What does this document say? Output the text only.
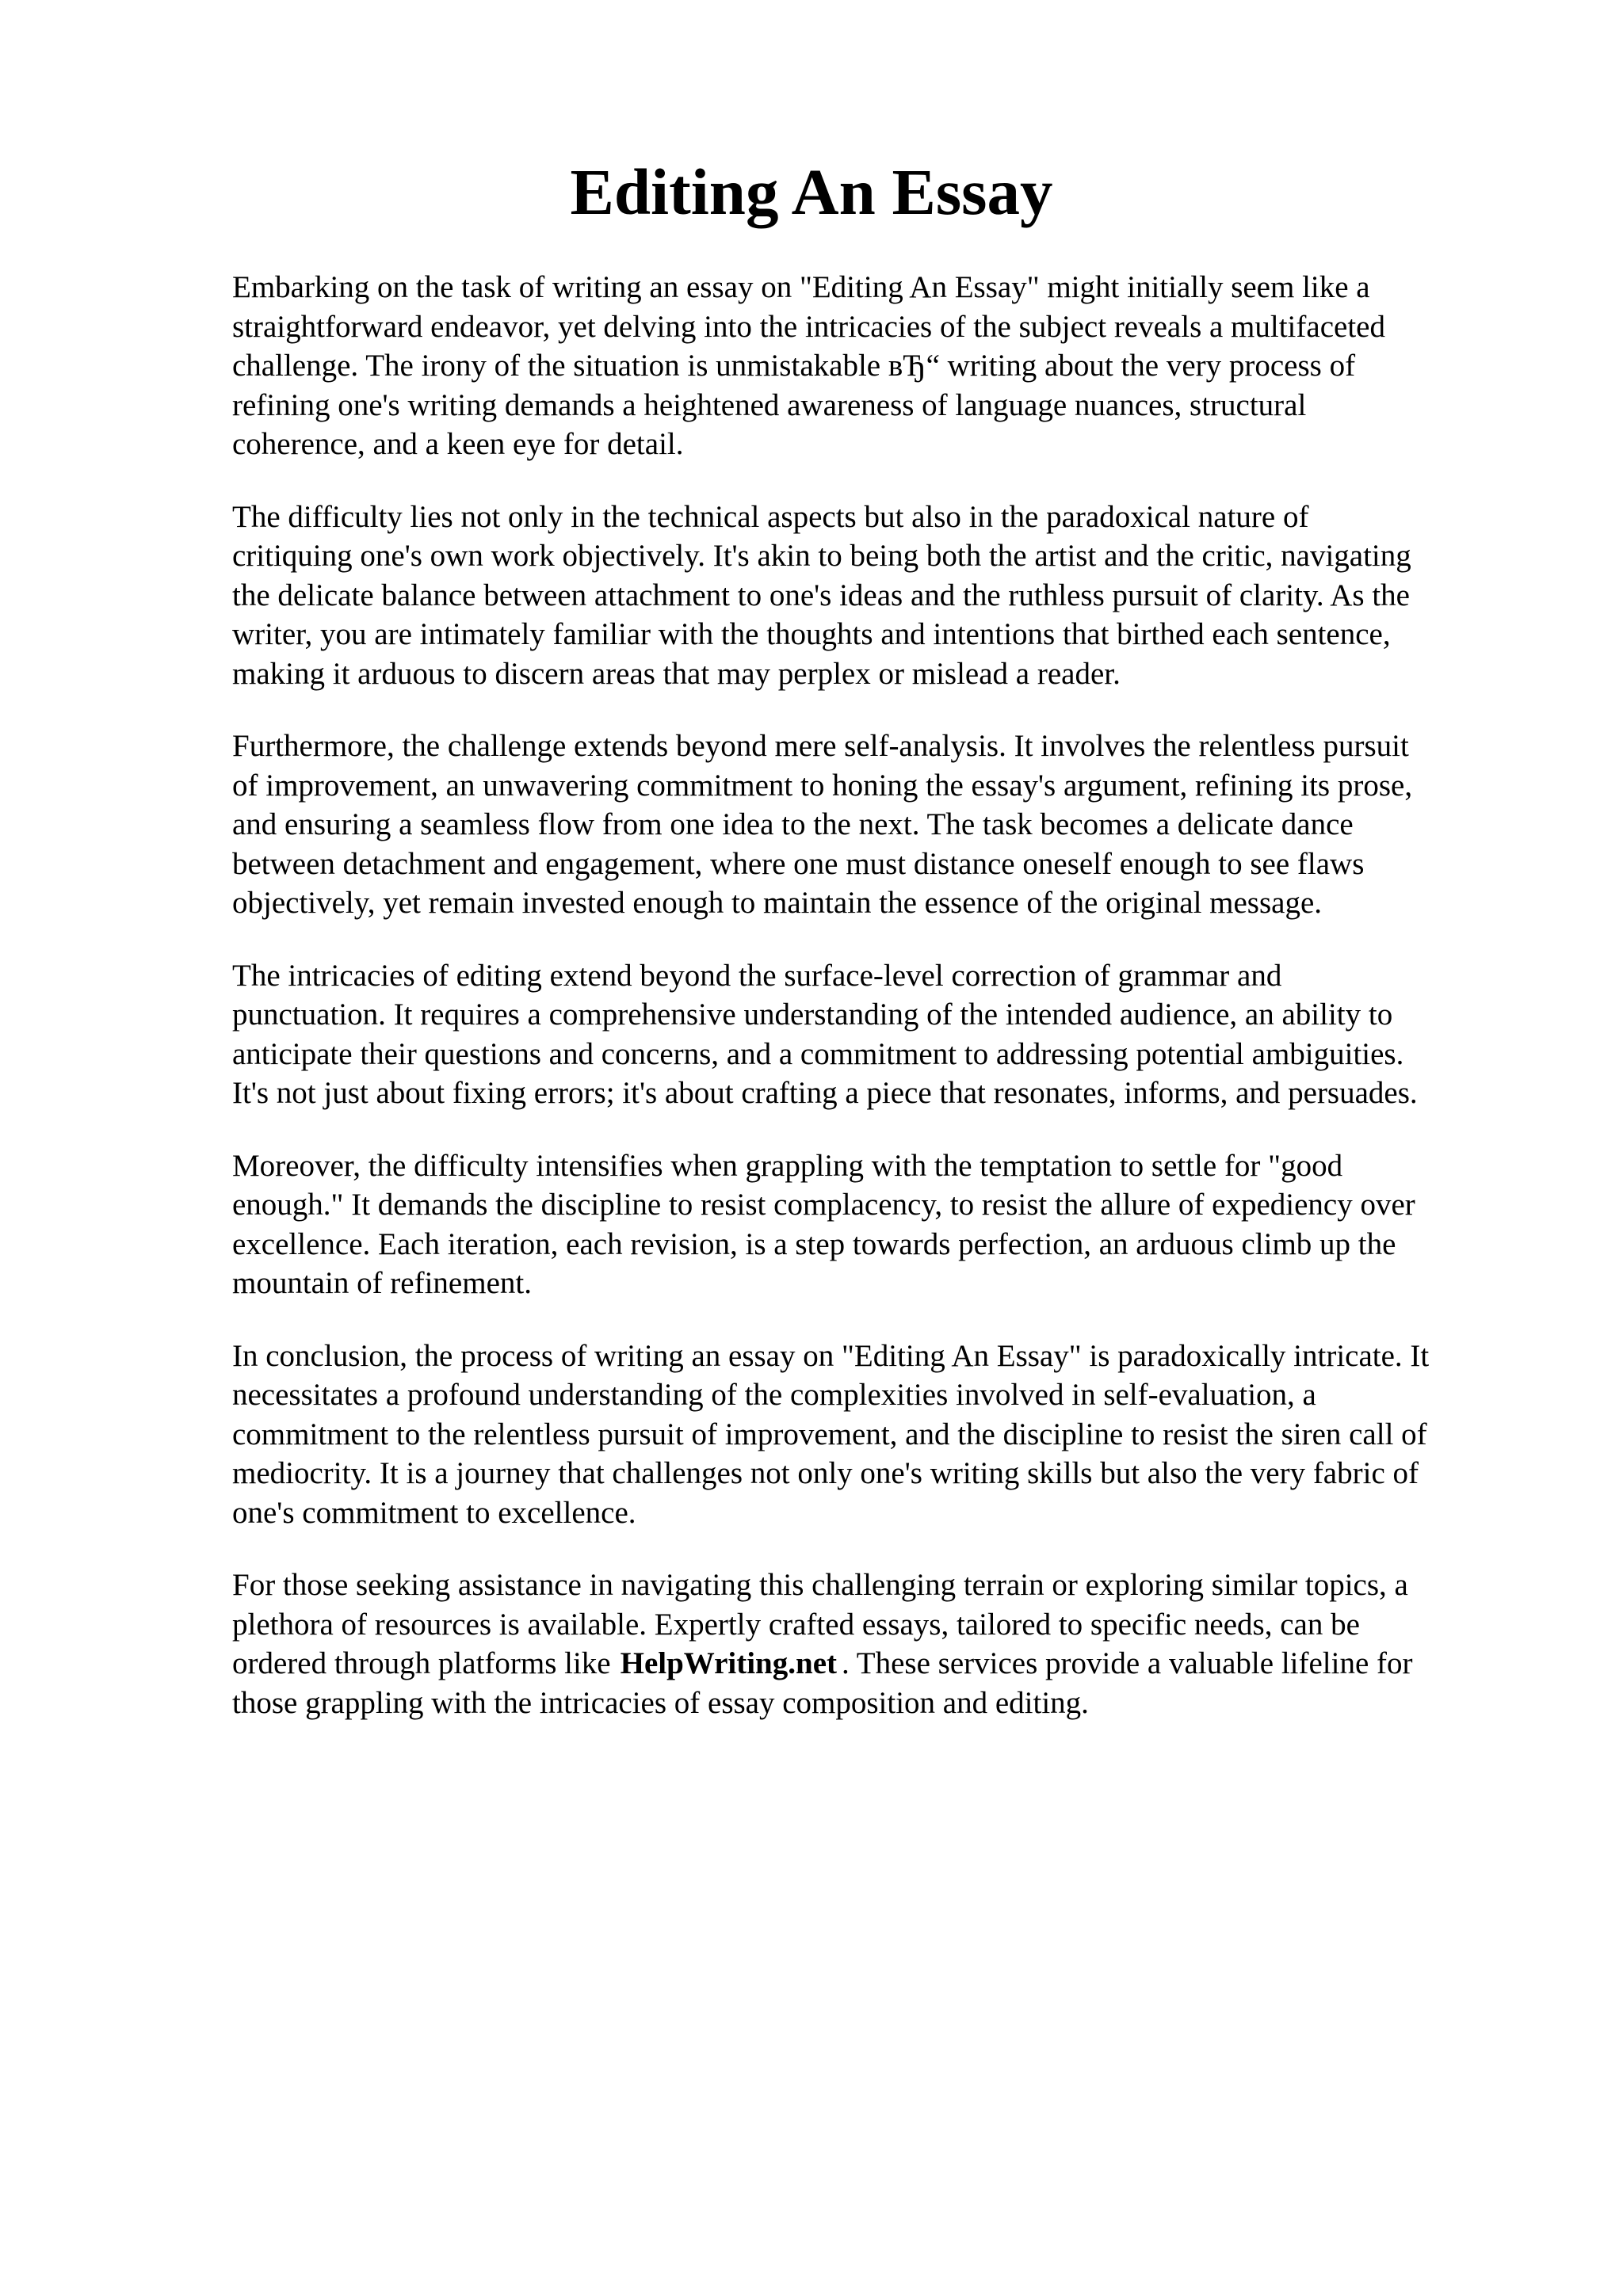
Editing An Essay

Embarking on the task of writing an essay on "Editing An Essay" might initially seem like a
straightforward endeavor, yet delving into the intricacies of the subject reveals a multifaceted
challenge. The irony of the situation is unmistakable вЂ“ writing about the very process of
refining one's writing demands a heightened awareness of language nuances, structural
coherence, and a keen eye for detail.

The difficulty lies not only in the technical aspects but also in the paradoxical nature of
critiquing one's own work objectively. It's akin to being both the artist and the critic, navigating
the delicate balance between attachment to one's ideas and the ruthless pursuit of clarity. As the
writer, you are intimately familiar with the thoughts and intentions that birthed each sentence,
making it arduous to discern areas that may perplex or mislead a reader.

Furthermore, the challenge extends beyond mere self-analysis. It involves the relentless pursuit
of improvement, an unwavering commitment to honing the essay's argument, refining its prose,
and ensuring a seamless flow from one idea to the next. The task becomes a delicate dance
between detachment and engagement, where one must distance oneself enough to see flaws
objectively, yet remain invested enough to maintain the essence of the original message.

The intricacies of editing extend beyond the surface-level correction of grammar and
punctuation. It requires a comprehensive understanding of the intended audience, an ability to
anticipate their questions and concerns, and a commitment to addressing potential ambiguities.
It's not just about fixing errors; it's about crafting a piece that resonates, informs, and persuades.

Moreover, the difficulty intensifies when grappling with the temptation to settle for "good
enough." It demands the discipline to resist complacency, to resist the allure of expediency over
excellence. Each iteration, each revision, is a step towards perfection, an arduous climb up the
mountain of refinement.

In conclusion, the process of writing an essay on "Editing An Essay" is paradoxically intricate. It
necessitates a profound understanding of the complexities involved in self-evaluation, a
commitment to the relentless pursuit of improvement, and the discipline to resist the siren call of
mediocrity. It is a journey that challenges not only one's writing skills but also the very fabric of
one's commitment to excellence.

For those seeking assistance in navigating this challenging terrain or exploring similar topics, a
plethora of resources is available. Expertly crafted essays, tailored to specific needs, can be
ordered through platforms like HelpWriting.net . These services provide a valuable lifeline for
those grappling with the intricacies of essay composition and editing.
